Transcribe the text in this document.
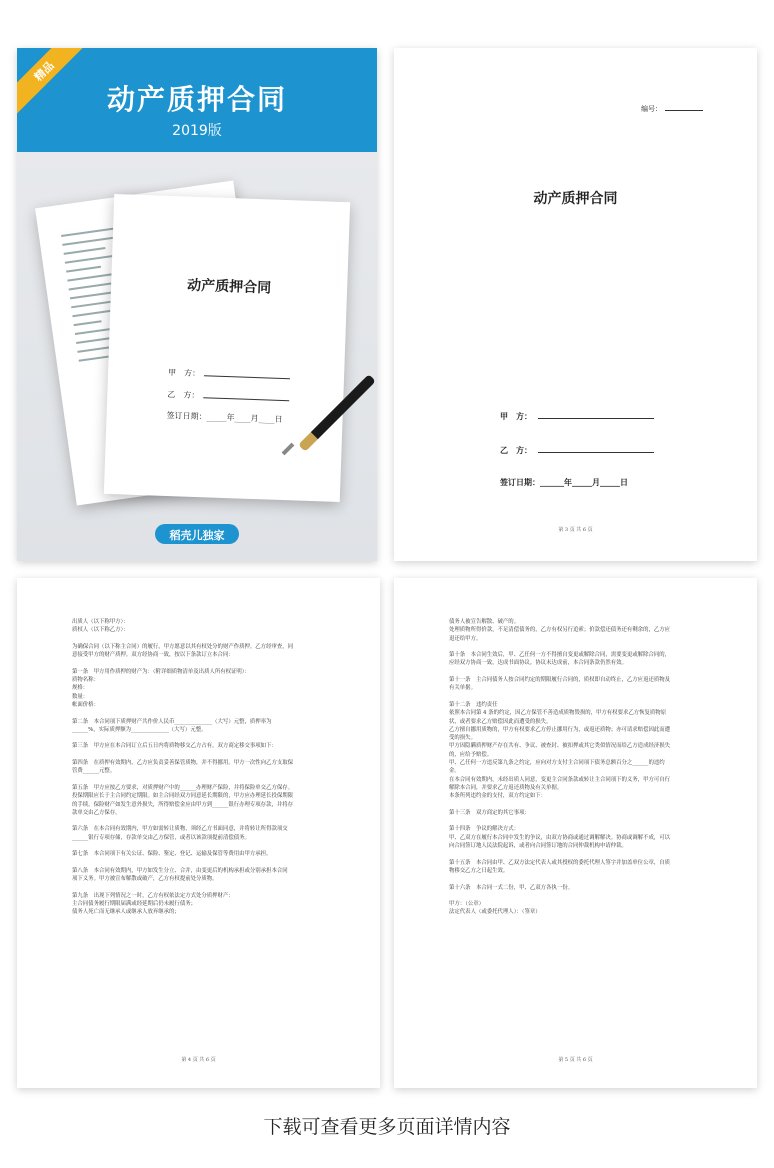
动产质押合同
2019版
精品
动产质押合同
甲　方：
乙　方：
签订日期：_____年____月____日
稻壳儿独家
编号：
动产质押合同
甲　方：
乙　方：
签订日期：______年_____月_____日
第 3 页 共 6 页
出质人（以下称甲方）：
质权人（以下称乙方）：
为确保合同（以下称主合同）的履行，甲方愿意以其有权处分的财产作质押。乙方经审查，同
意接受甲方的财产质押。双方经协商一致，按以下条款订立本合同：
第一条　甲方用作质押的财产为：（附详细质物清单及出质人所有权证明）：
质物名称：
规格：
数量：
帐面价格：
第二条　本合同项下质押财产共作价人民币______________（大写）元整，质押率为
______%，实际质押额为______________（大写）元整。
第三条　甲方应在本合同订立后五日内将质物移交乙方占有。双方商定移交事项如下：
第四条　在质押有效期内，乙方应负责妥善保管质物，并不得挪用。甲方一次性向乙方支取保
管费______元整。
第五条　甲方应按乙方要求，对质押财产中的______办理财产保险，并将保险单交乙方保存。
投保期限应长于主合同约定期限。如主合同经双方同意延长期限的，甲方应办理延长投保期限
的手续。保险财产如发生意外损失，所得赔偿金应由甲方到______银行办理专项存款，并将存
款单交由乙方保存。
第六条　在本合同有效期内，甲方如需转让质物，须经乙方书面同意，并将转让所得款项交
______银行专项存储，存款单交由乙方保管，或者以该款项提前清偿债务。
第七条　本合同项下有关公证、保险、鉴定、登记、运输及保管等费用由甲方承担。
第八条　本合同有效期内，甲方如发生分立、合并，由变更后的机构承担或分别承担本合同
项下义务。甲方被宣布解散或破产，乙方有权提前处分质物。
第九条　出现下列情况之一时，乙方有权依法定方式处分质押财产：
主合同债务履行期限届满或经延期后仍未履行债务；
债务人死亡而无继承人或继承人放弃继承的；
第 4 页 共 6 页
债务人被宣告解散、破产的。
处理质物所得价款，不足清偿债务的，乙方有权另行追索；价款偿还债务还有剩余的，乙方应
退还给甲方。
第十条　本合同生效后，甲、乙任何一方不得擅自变更或解除合同，需要变更或解除合同的，
应经双方协商一致，达成书面协议。协议未达成前，本合同条款仍然有效。
第十一条　主合同债务人按合同约定的期限履行合同的，质权即自动终止，乙方应返还质物及
有关单据。
第十二条　违约责任
依照本合同第 4 条的约定，因乙方保管不善造成质物毁损的，甲方有权要求乙方恢复质物原
状，或者要求乙方赔偿因此而遭受的损失。
乙方擅自挪用质物的，甲方有权要求乙方停止挪用行为，或返还质物；亦可请求赔偿因此而遭
受的损失。
甲方因隐瞒质押财产存在共有、争议、被查封、被扣押或其它类似情况而给乙方造成经济损失
的，应给予赔偿。
甲、乙任何一方违反第九条之约定，应向对方支付主合同项下债务总额百分之______的违约
金。
在本合同有效期内，未经出质人同意，变更主合同条款或转让主合同项下的义务，甲方可自行
解除本合同，并要求乙方返还质物及有关单据。
本条所列违约金的支付，双方约定如下：
第十三条　双方商定的其它事项：
第十四条　争议的解决方式：
甲、乙双方在履行本合同中发生的争议，由双方协商或通过调解解决。协商或调解不成，可以
向合同签订地人民法院起诉，或者向合同签订地的合同仲裁机构申请仲裁。
第十五条　本合同由甲、乙双方法定代表人或其授权的委托代理人签字并加盖单位公章，自质
物移交乙方之日起生效。
第十六条　本合同一式二份，甲、乙双方各执一份。
甲方：（公章）
法定代表人（或委托代理人）：（签章）
第 5 页 共 6 页
下载可查看更多页面详情内容
